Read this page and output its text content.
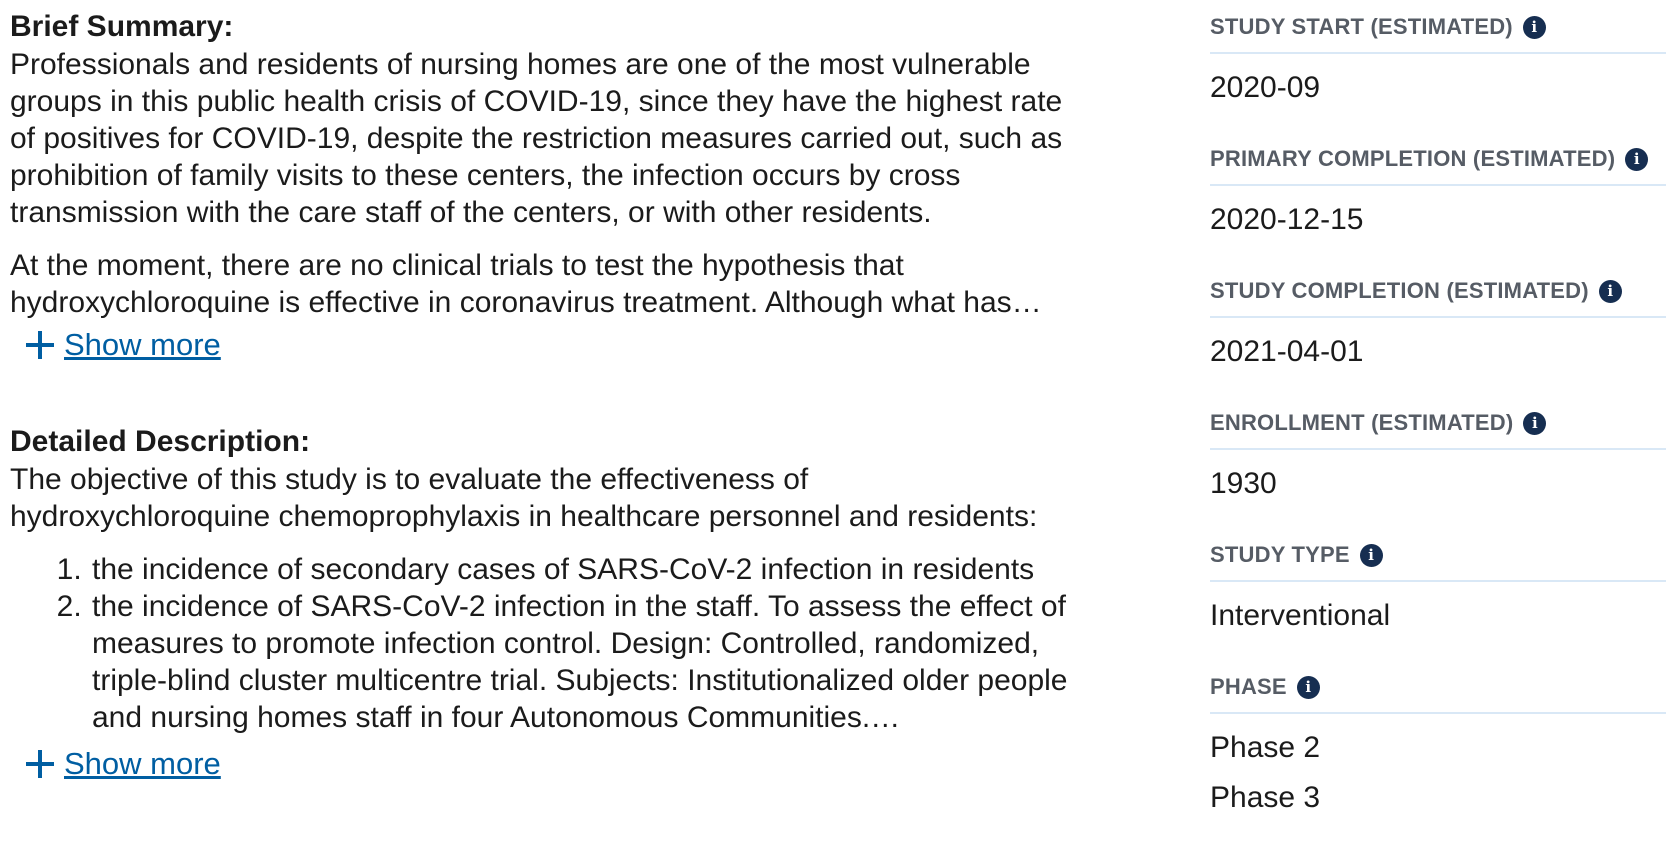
Brief Summary:

Professionals and residents of nursing homes are one of the most vulnerable
groups in this public health crisis of COVID-19, since they have the highest rate
of positives for COVID-19, despite the restriction measures carried out, such as
prohibition of family visits to these centers, the infection occurs by cross
transmission with the care staff of the centers, or with other residents.

At the moment, there are no clinical trials to test the hypothesis that
hydroxychloroquine is effective in coronavirus treatment. Although what has…

Show more
Detailed Description:

The objective of this study is to evaluate the effectiveness of
hydroxychloroquine chemoprophylaxis in healthcare personnel and residents:

1. the incidence of secondary cases of SARS-CoV-2 infection in residents
2. the incidence of SARS-CoV-2 infection in the staff. To assess the effect of
measures to promote infection control. Design: Controlled, randomized,
triple-blind cluster multicentre trial. Subjects: Institutionalized older people
and nursing homes staff in four Autonomous Communities.…
Show more
STUDY START (ESTIMATED)	i
2020-09
PRIMARY COMPLETION (ESTIMATED)	i
2020-12-15
STUDY COMPLETION (ESTIMATED)	i
2021-04-01
ENROLLMENT (ESTIMATED)	i
1930
STUDY TYPE	i
Interventional
PHASE	i
Phase 2
Phase 3
